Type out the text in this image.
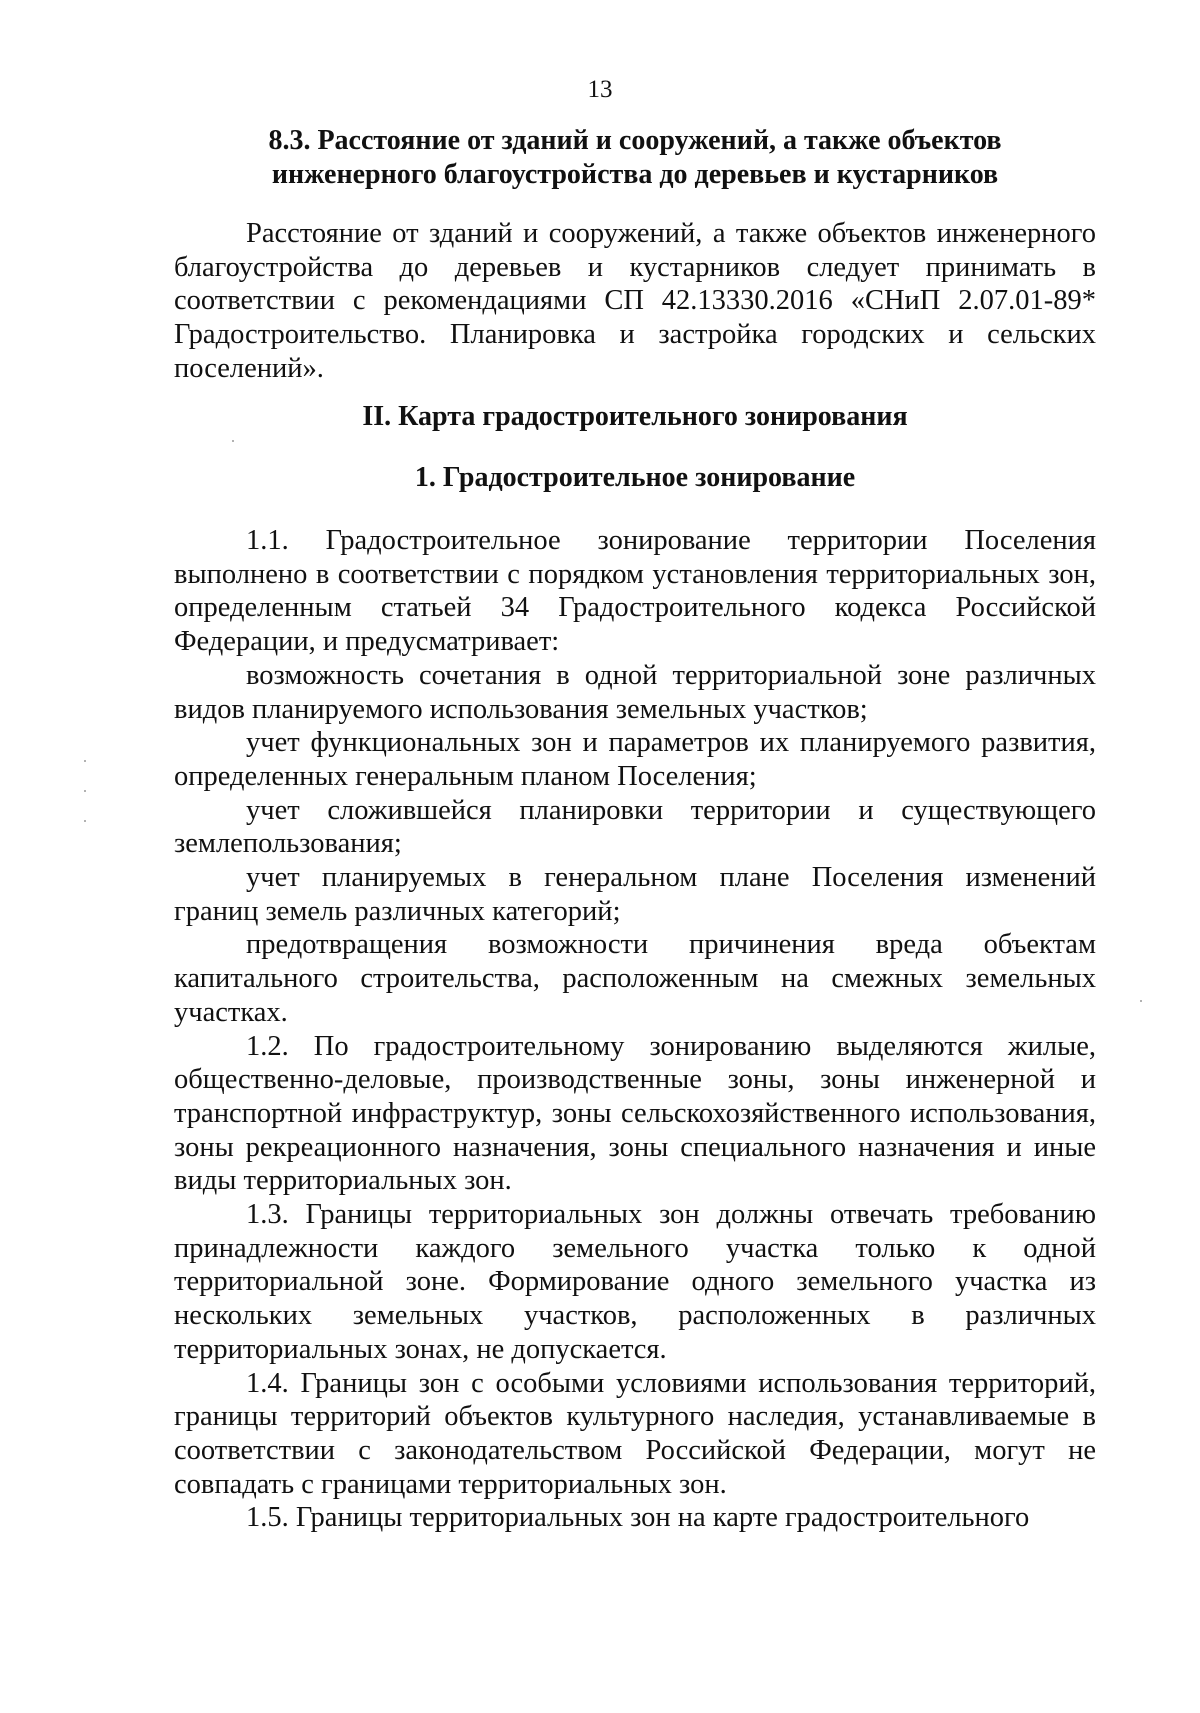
13
8.3. Расстояние от зданий и сооружений, а также объектов
инженерного благоустройства до деревьев и кустарников
Расстояние от зданий и сооружений, а также объектов инженерного благоустройства до деревьев и кустарников следует принимать в соответствии с рекомендациями СП 42.13330.2016 «СНиП 2.07.01-89* Градостроительство. Планировка и застройка городских и сельских поселений».
II. Карта градостроительного зонирования
1. Градостроительное зонирование
1.1. Градостроительное зонирование территории Поселения выполнено в соответствии с порядком установления территориальных зон, определенным статьей 34 Градостроительного кодекса Российской Федерации, и предусматривает:
возможность сочетания в одной территориальной зоне различных видов планируемого использования земельных участков;
учет функциональных зон и параметров их планируемого развития, определенных генеральным планом Поселения;
учет сложившейся планировки территории и существующего землепользования;
учет планируемых в генеральном плане Поселения изменений границ земель различных категорий;
предотвращения возможности причинения вреда объектам капитального строительства, расположенным на смежных земельных участках.
1.2. По градостроительному зонированию выделяются жилые, общественно-деловые, производственные зоны, зоны инженерной и транспортной инфраструктур, зоны сельскохозяйственного использования, зоны рекреационного назначения, зоны специального назначения и иные виды территориальных зон.
1.3. Границы территориальных зон должны отвечать требованию принадлежности каждого земельного участка только к одной территориальной зоне. Формирование одного земельного участка из нескольких земельных участков, расположенных в различных территориальных зонах, не допускается.
1.4. Границы зон с особыми условиями использования территорий, границы территорий объектов культурного наследия, устанавливаемые в соответствии с законодательством Российской Федерации, могут не совпадать с границами территориальных зон.
1.5. Границы территориальных зон на карте градостроительного
